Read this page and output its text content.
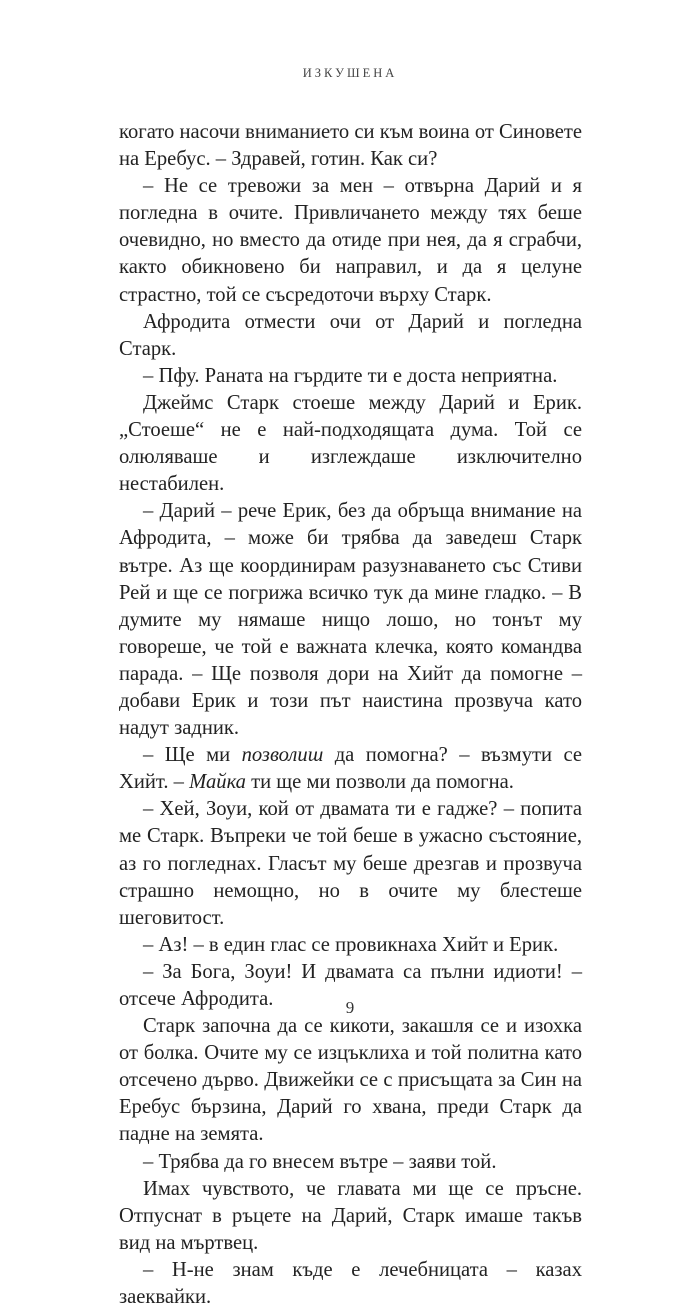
ИЗКУШЕНА

когато насочи вниманието си към воина от Синовете на Еребус. – Здравей, готин. Как си?

– Не се тревожи за мен – отвърна Дарий и я погледна в очите. Привличането между тях беше очевидно, но вместо да отиде при нея, да я сграбчи, както обикновено би направил, и да я целуне страстно, той се съсредоточи върху Старк.

Афродита отмести очи от Дарий и погледна Старк.

– Пфу. Раната на гърдите ти е доста неприятна.

Джеймс Старк стоеше между Дарий и Ерик. „Стоеше“ не е най-подходящата дума. Той се олюляваше и изглеждаше изключително нестабилен.

– Дарий – рече Ерик, без да обръща внимание на Афродита, – може би трябва да заведеш Старк вътре. Аз ще координирам разузнаването със Стиви Рей и ще се погрижа всичко тук да мине гладко. – В думите му нямаше нищо лошо, но тонът му говореше, че той е важната клечка, която командва парада. – Ще позволя дори на Хийт да помогне – добави Ерик и този път наистина прозвуча като надут задник.

– Ще ми позволиш да помогна? – възмути се Хийт. – Майка ти ще ми позволи да помогна.

– Хей, Зоуи, кой от двамата ти е гадже? – попита ме Старк. Въпреки че той беше в ужасно състояние, аз го погледнах. Гласът му беше дрезгав и прозвуча страшно немощно, но в очите му блестеше шеговитост.

– Аз! – в един глас се провикнаха Хийт и Ерик.

– За Бога, Зоуи! И двамата са пълни идиоти! – отсече Афродита.

Старк започна да се кикоти, закашля се и изохка от болка. Очите му се изцъклиха и той политна като отсечено дърво. Движейки се с присъщата за Син на Еребус бързина, Дарий го хвана, преди Старк да падне на земята.

– Трябва да го внесем вътре – заяви той.

Имах чувството, че главата ми ще се пръсне. Отпуснат в ръцете на Дарий, Старк имаше такъв вид на мъртвец.

– Н-не знам къде е лечебницата – казах заеквайки.

9
